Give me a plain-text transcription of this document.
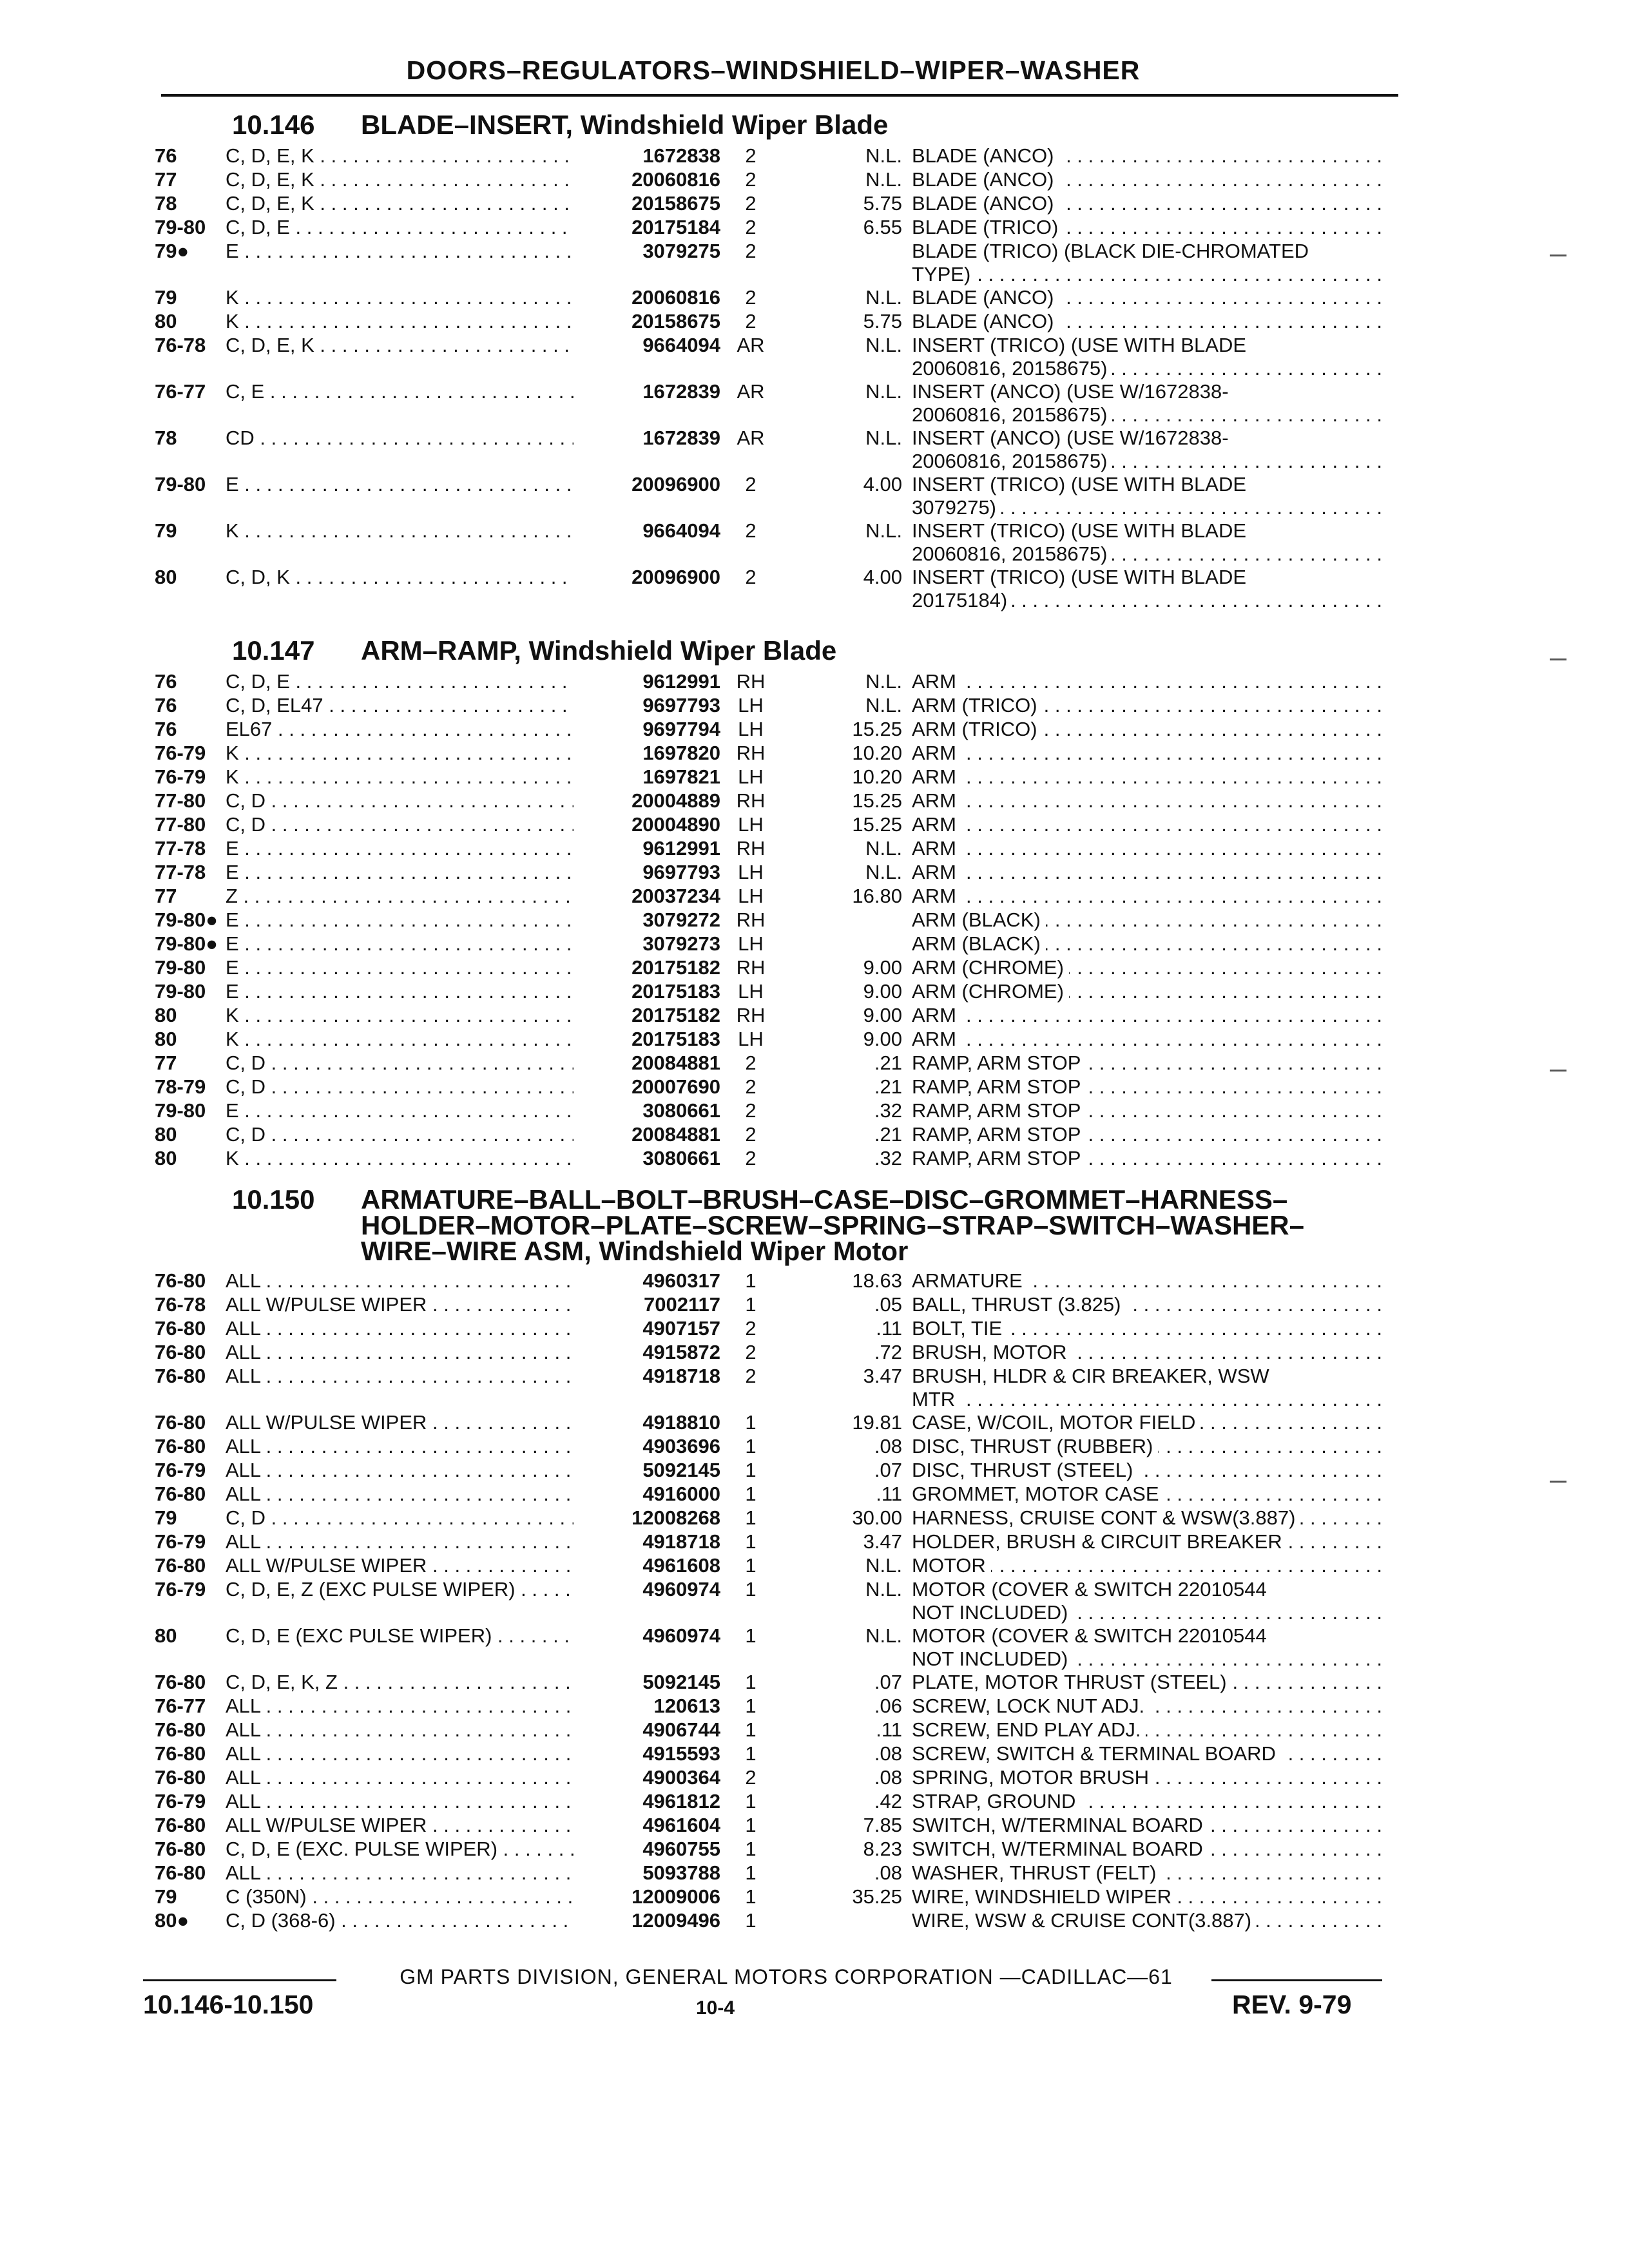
DOORS–REGULATORS–WINDSHIELD–WIPER–WASHER
10.146 BLADE–INSERT, Windshield Wiper Blade
76 C, D, E, K . . .	1672838	2	N.L. BLADE (ANCO) . . .
77 C, D, E, K . . .	20060816	2	N.L. BLADE (ANCO) . . .
78 C, D, E, K . . .	20158675	2	5.75 BLADE (ANCO) . . .
79-80 C, D, E . . .	20175184	2	6.55 BLADE (TRICO) . . .
79● E . . .	3079275	2	BLADE (TRICO) (BLACK DIE-CHROMATED
TYPE) . . .
79 K . . .	20060816	2	N.L. BLADE (ANCO) . . .
80 K . . .	20158675	2	5.75 BLADE (ANCO) . . .
76-78 C, D, E, K . . .	9664094 AR	N.L. INSERT (TRICO) (USE WITH BLADE
20060816, 20158675) . . .
76-77 C, E . . .	1672839 AR	N.L. INSERT (ANCO) (USE W/1672838-
20060816, 20158675) . . .
78 CD . . .	1672839 AR	N.L. INSERT (ANCO) (USE W/1672838-
20060816, 20158675) . . .
79-80 E . . .	20096900	2	4.00 INSERT (TRICO) (USE WITH BLADE
3079275) . . .
79 K . . .	9664094	2	N.L. INSERT (TRICO) (USE WITH BLADE
20060816, 20158675) . . .
80 C, D, K . . .	20096900	2	4.00 INSERT (TRICO) (USE WITH BLADE
20175184) . . .
10.147 ARM–RAMP, Windshield Wiper Blade
76 C, D, E . . .	9612991 RH	N.L. ARM . . .
76 C, D, EL47 . . .	9697793 LH	N.L. ARM (TRICO) . . .
76 EL67 . . .	9697794 LH	15.25 ARM (TRICO) . . .
76-79 K . . .	1697820 RH	10.20 ARM . . .
76-79 K . . .	1697821 LH	10.20 ARM . . .
77-80 C, D . . .	20004889 RH	15.25 ARM . . .
77-80 C, D . . .	20004890 LH	15.25 ARM . . .
77-78 E . . .	9612991 RH	N.L. ARM . . .
77-78 E . . .	9697793 LH	N.L. ARM . . .
77 Z . . .	20037234 LH	16.80 ARM . . .
79-80● E . . .	3079272 RH	ARM (BLACK) . . .
79-80● E . . .	3079273 LH	ARM (BLACK) . . .
79-80 E . . .	20175182 RH	9.00 ARM (CHROME) . . .
79-80 E . . .	20175183 LH	9.00 ARM (CHROME) . . .
80 K . . .	20175182 RH	9.00 ARM . . .
80 K . . .	20175183 LH	9.00 ARM . . .
77 C, D . . .	20084881	2	.21 RAMP, ARM STOP . . .
78-79 C, D . . .	20007690	2	.21 RAMP, ARM STOP . . .
79-80 E . . .	3080661	2	.32 RAMP, ARM STOP . . .
80 C, D . . .	20084881	2	.21 RAMP, ARM STOP . . .
80 K . . .	3080661	2	.32 RAMP, ARM STOP . . .
10.150 ARMATURE–BALL–BOLT–BRUSH–CASE–DISC–GROMMET–HARNESS–
HOLDER–MOTOR–PLATE–SCREW–SPRING–STRAP–SWITCH–WASHER–
WIRE–WIRE ASM, Windshield Wiper Motor
76-80 ALL . . .	4960317	1	18.63 ARMATURE . . .
76-78 ALL W/PULSE WIPER . . .	7002117	1	.05 BALL, THRUST (3.825) . . .
76-80 ALL . . .	4907157	2	.11 BOLT, TIE . . .
76-80 ALL . . .	4915872	2	.72 BRUSH, MOTOR . . .
76-80 ALL . . .	4918718	2	3.47 BRUSH, HLDR & CIR BREAKER, WSW
MTR . . .
76-80 ALL W/PULSE WIPER . . .	4918810	1	19.81 CASE, W/COIL, MOTOR FIELD . . .
76-80 ALL . . .	4903696	1	.08 DISC, THRUST (RUBBER) . . .
76-79 ALL . . .	5092145	1	.07 DISC, THRUST (STEEL) . . .
76-80 ALL . . .	4916000	1	.11 GROMMET, MOTOR CASE . . .
79 C, D . . .	12008268	1	30.00 HARNESS, CRUISE CONT & WSW(3.887) . . .
76-79 ALL . . .	4918718	1	3.47 HOLDER, BRUSH & CIRCUIT BREAKER . . .
76-80 ALL W/PULSE WIPER . . .	4961608	1	N.L. MOTOR . . .
76-79 C, D, E, Z (EXC PULSE WIPER) . . .	4960974	1	N.L. MOTOR (COVER & SWITCH 22010544
NOT INCLUDED) . . .
80 C, D, E (EXC PULSE WIPER) . . .	4960974	1	N.L. MOTOR (COVER & SWITCH 22010544
NOT INCLUDED) . . .
76-80 C, D, E, K, Z . . .	5092145	1	.07 PLATE, MOTOR THRUST (STEEL) . . .
76-77 ALL . . .	120613	1	.06 SCREW, LOCK NUT ADJ. . . .
76-80 ALL . . .	4906744	1	.11 SCREW, END PLAY ADJ. . . .
76-80 ALL . . .	4915593	1	.08 SCREW, SWITCH & TERMINAL BOARD . . .
76-80 ALL . . .	4900364	2	.08 SPRING, MOTOR BRUSH . . .
76-79 ALL . . .	4961812	1	.42 STRAP, GROUND . . .
76-80 ALL W/PULSE WIPER . . .	4961604	1	7.85 SWITCH, W/TERMINAL BOARD . . .
76-80 C, D, E (EXC. PULSE WIPER) . . .	4960755	1	8.23 SWITCH, W/TERMINAL BOARD . . .
76-80 ALL . . .	5093788	1	.08 WASHER, THRUST (FELT) . . .
79 C (350N) . . .	12009006	1	35.25 WIRE, WINDSHIELD WIPER . . .
80● C, D (368-6) . . .	12009496	1	WIRE, WSW & CRUISE CONT(3.887) . . .
GM PARTS DIVISION, GENERAL MOTORS CORPORATION —CADILLAC—61
10.146-10.150	10-4	REV. 9-79
